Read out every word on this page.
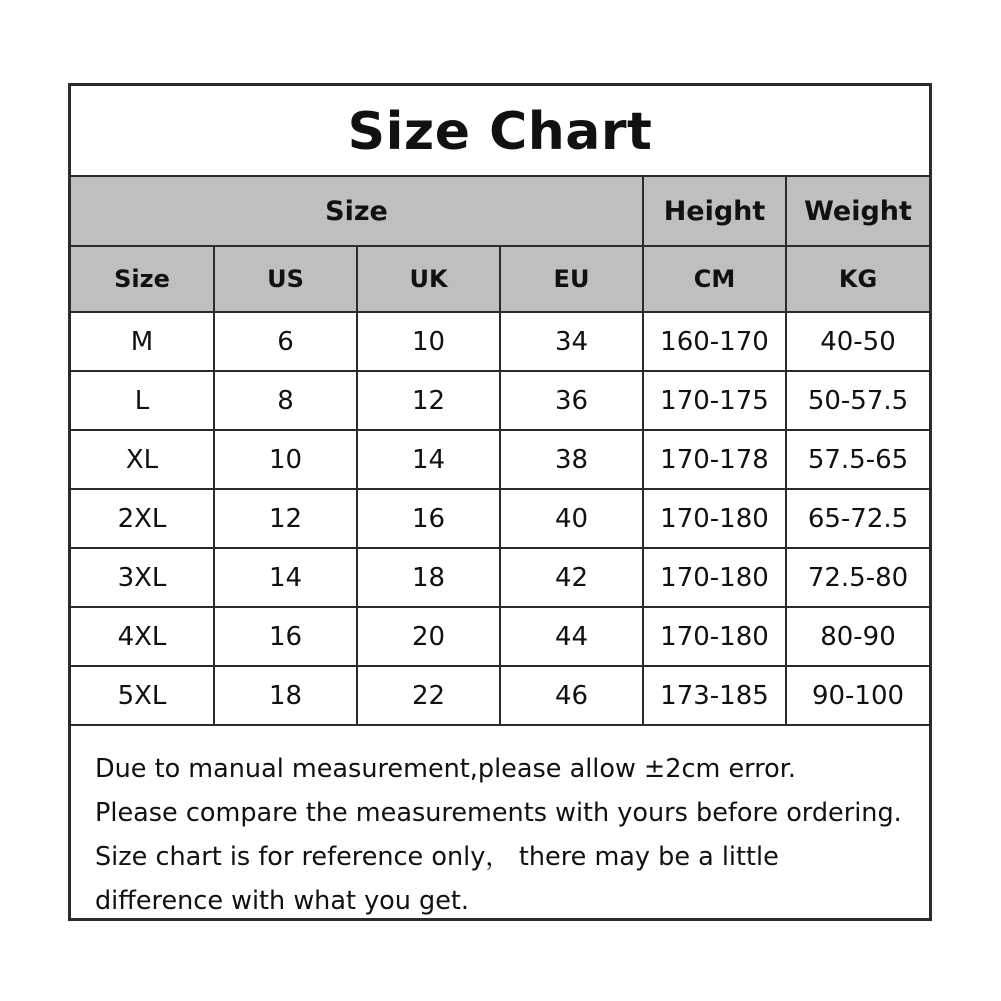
Size Chart
Size				Height	Weight
Size	US	UK	EU	CM	KG
M	6	10	34	160-170	40-50
L	8	12	36	170-175	50-57.5
XL	10	14	38	170-178	57.5-65
2XL	12	16	40	170-180	65-72.5
3XL	14	18	42	170-180	72.5-80
4XL	16	20	44	170-180	80-90
5XL	18	22	46	173-185	90-100
Due to manual measurement,please allow ±2cm error.
Please compare the measurements with yours before ordering.
Size chart is for reference only， there may be a little
difference with what you get.
